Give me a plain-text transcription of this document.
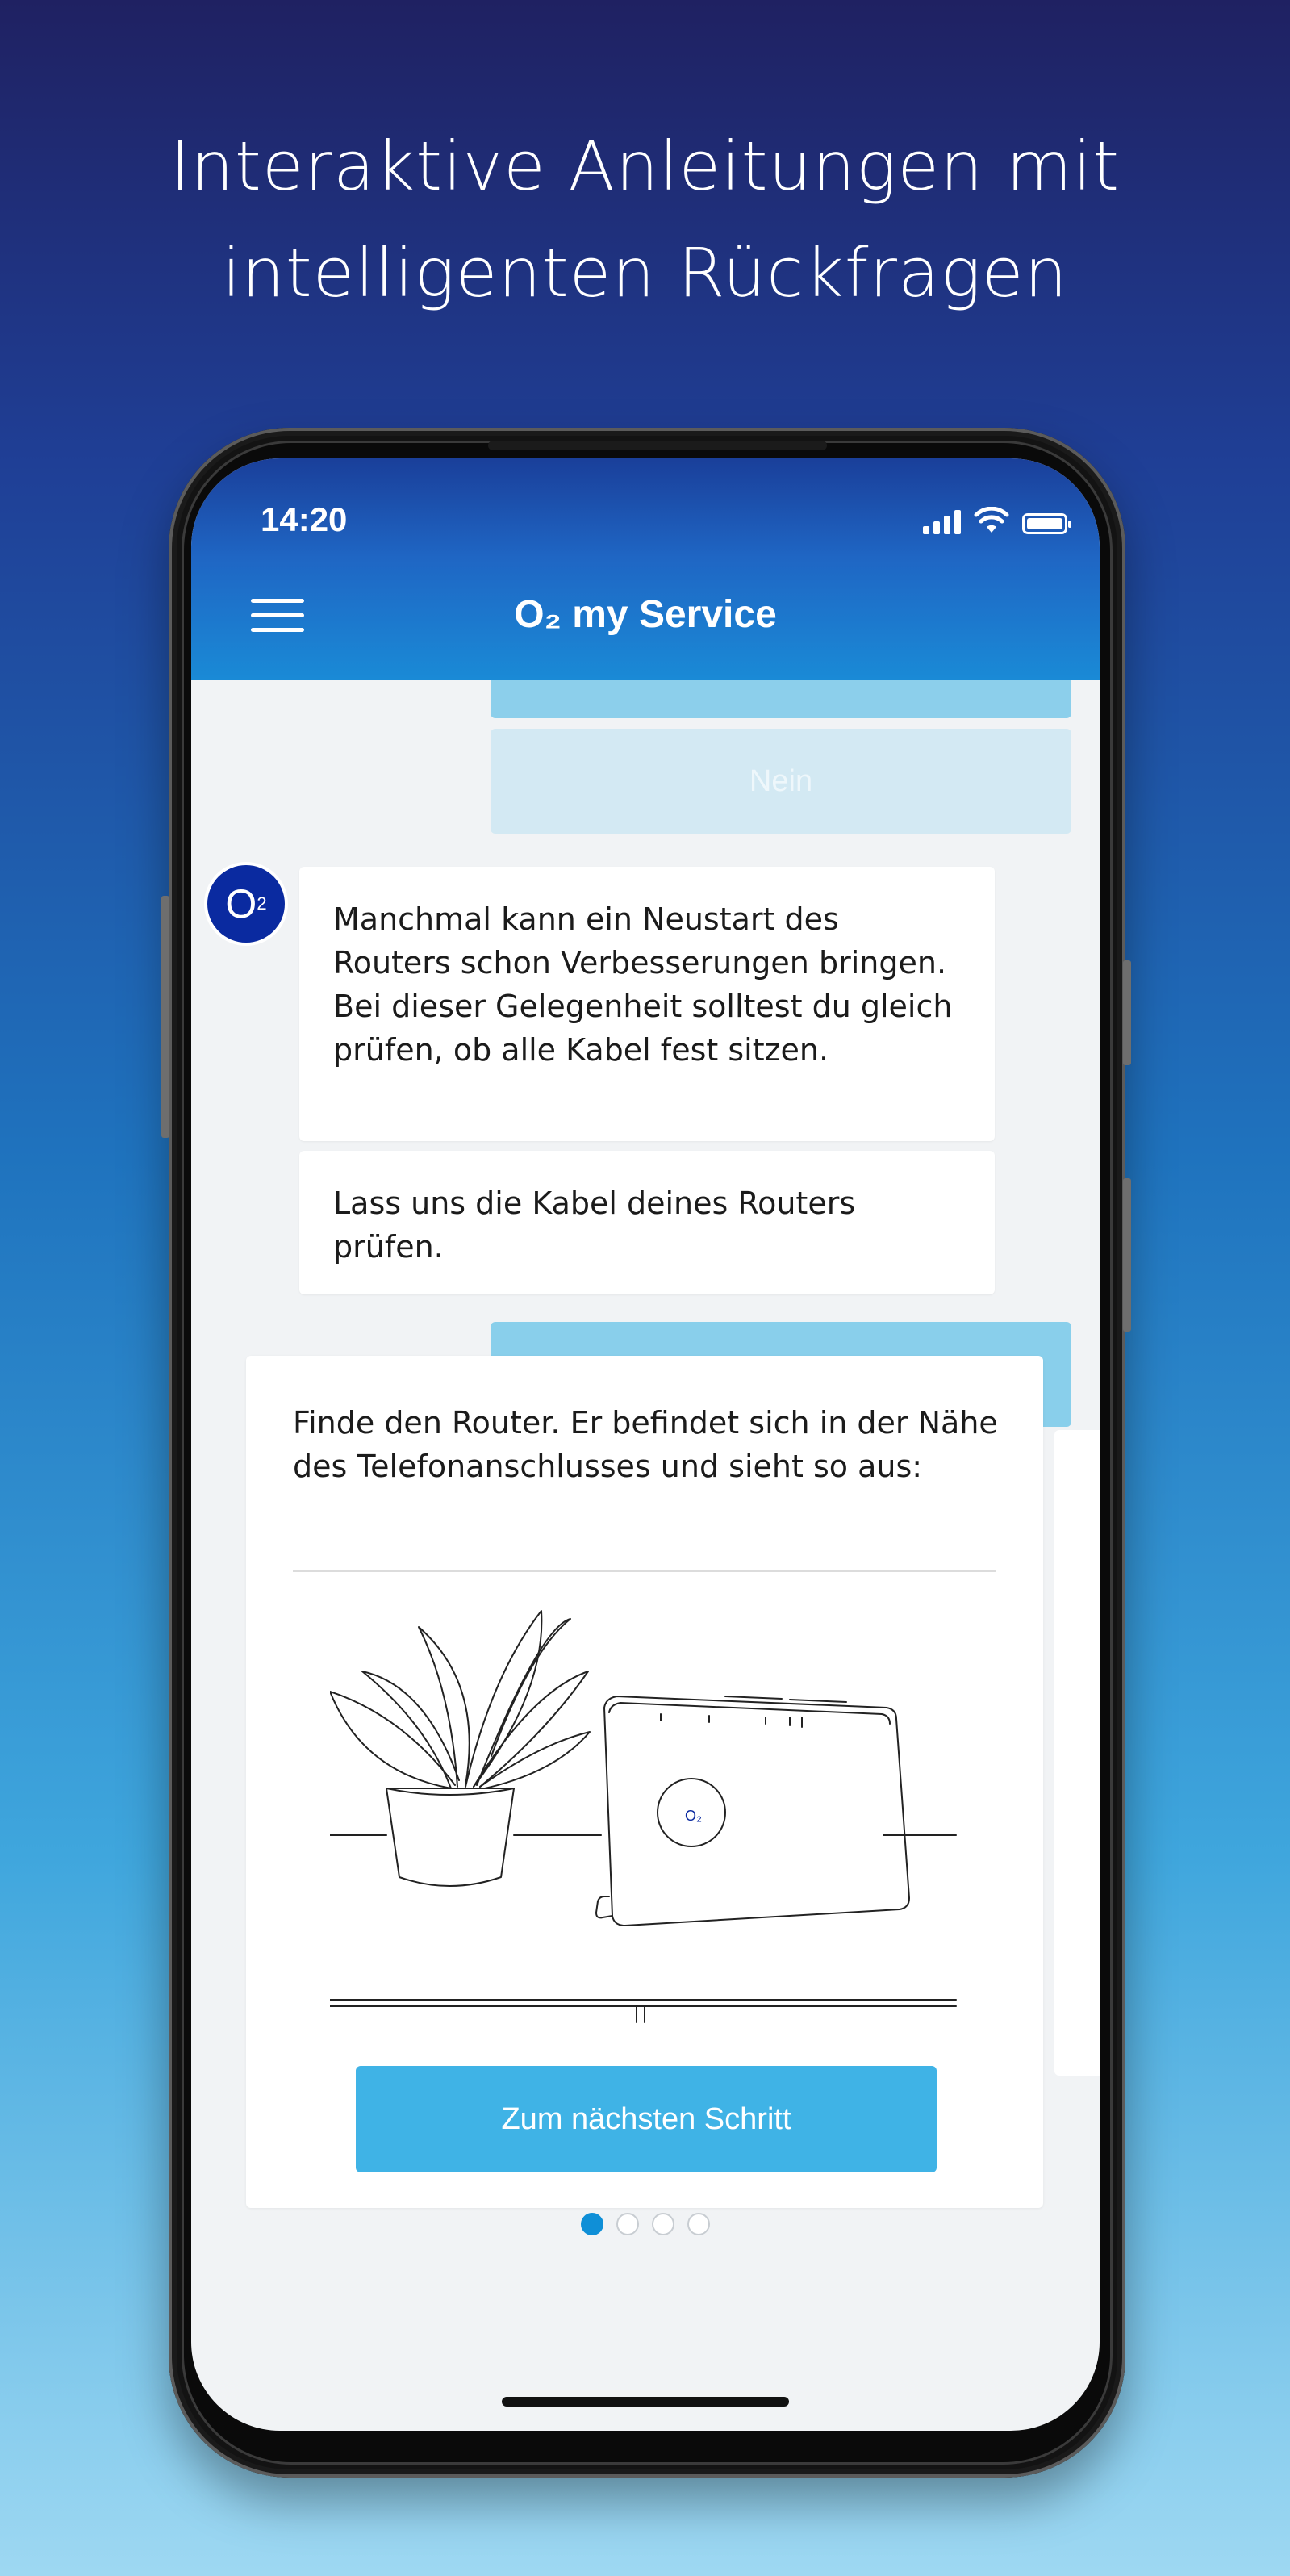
Interaktive Anleitungen mit
intelligenten Rückfragen
14:20
O₂ my Service
Nein
O 2	Manchmal kann ein Neustart des Routers schon Verbesserungen bringen. Bei dieser Gelegenheit solltest du gleich prüfen, ob alle Kabel fest sitzen.
Lass uns die Kabel deines Routers prüfen.
Finde den Router. Er befindet sich in der Nähe des Telefonanschlusses und sieht so aus:
O₂
Zum nächsten Schritt
